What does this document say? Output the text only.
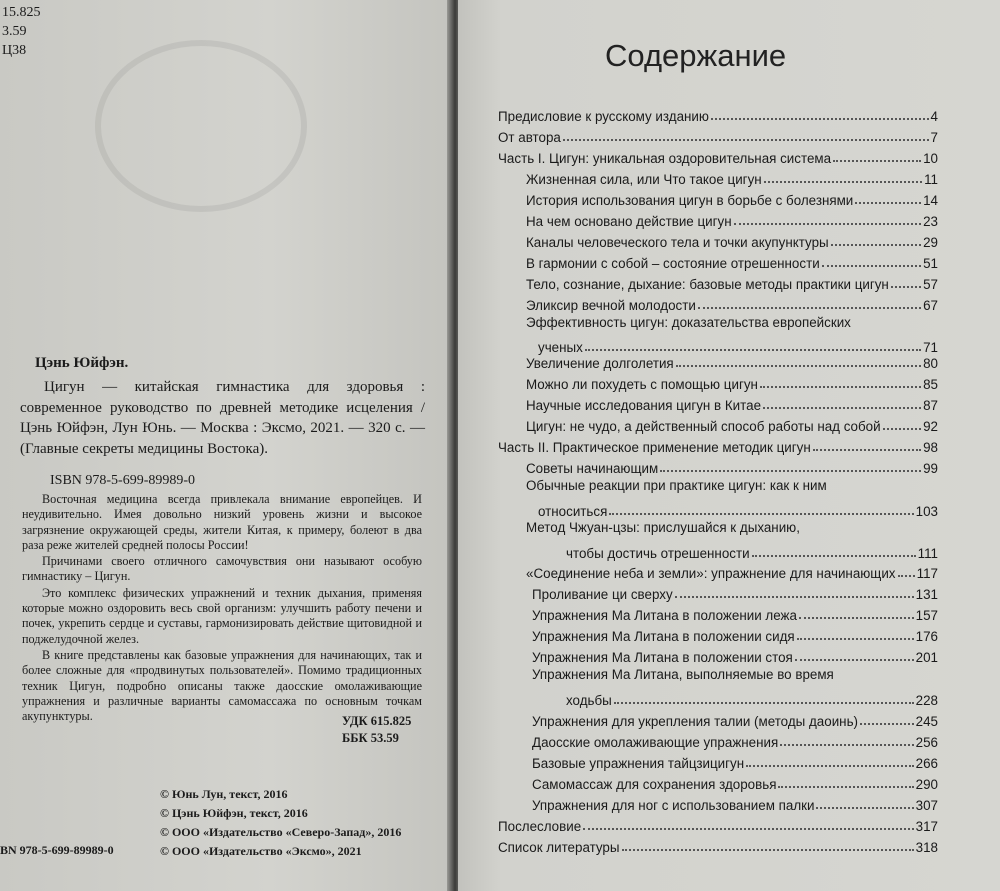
15.825
3.59
Ц38
Цэнь Юйфэн.
Цигун — китайская гимнастика для здоровья : современное руководство по древней методике исцеления / Цэнь Юйфэн, Лун Юнь. — Москва : Эксмо, 2021. — 320 с. — (Главные секреты медицины Востока).
ISBN 978-5-699-89989-0

Восточная медицина всегда привлекала внимание европейцев. И неудивительно. Имея довольно низкий уровень жизни и высокое загрязнение окружающей среды, жители Китая, к примеру, болеют в два раза реже жителей средней полосы России!

Причинами своего отличного самочувствия они называют особую гимнастику – Цигун.

Это комплекс физических упражнений и техник дыхания, применяя которые можно оздоровить весь свой организм: улучшить работу печени и почек, укрепить сердце и суставы, гармонизировать действие щитовидной и поджелудочной желез.

В книге представлены как базовые упражнения для начинающих, так и более сложные для «продвинутых пользователей». Помимо традиционных техник Цигун, подробно описаны также даосские омолаживающие упражнения и различные варианты самомассажа по основным точкам акупунктуры.	УДК 615.825
ББК 53.59
© Юнь Лун, текст, 2016
© Цэнь Юйфэн, текст, 2016
© ООО «Издательство «Северо-Запад», 2016
© ООО «Издательство «Эксмо», 2021
BN 978-5-699-89989-0
Содержание
Предисловие к русскому изданию	4
От автора	7
Часть I. Цигун: уникальная оздоровительная система	10
Жизненная сила, или Что такое цигун	11
История использования цигун в борьбе с болезнями	14
На чем основано действие цигун	23
Каналы человеческого тела и точки акупунктуры	29
В гармонии с собой – состояние отрешенности	51
Тело, сознание, дыхание: базовые методы практики цигун	57
Эликсир вечной молодости	67
Эффективность цигун: доказательства европейских
ученых	71
Увеличение долголетия	80
Можно ли похудеть с помощью цигун	85
Научные исследования цигун в Китае	87
Цигун: не чудо, а действенный способ работы над собой	92
Часть II. Практическое применение методик цигун	98
Советы начинающим	99
Обычные реакции при практике цигун: как к ним
относиться	103
Метод Чжуан-цзы: прислушайся к дыханию,
чтобы достичь отрешенности	111
«Соединение неба и земли»: упражнение для начинающих 117
Проливание ци сверху	131
Упражнения Ма Литана в положении лежа	157
Упражнения Ма Литана в положении сидя	176
Упражнения Ма Литана в положении стоя	201
Упражнения Ма Литана, выполняемые во время
ходьбы	228
Упражнения для укрепления талии (методы даоинь)	245
Даосские омолаживающие упражнения	256
Базовые упражнения тайцзицигун	266
Самомассаж для сохранения здоровья	290
Упражнения для ног с использованием палки	307
Послесловие	317
Список литературы	318
